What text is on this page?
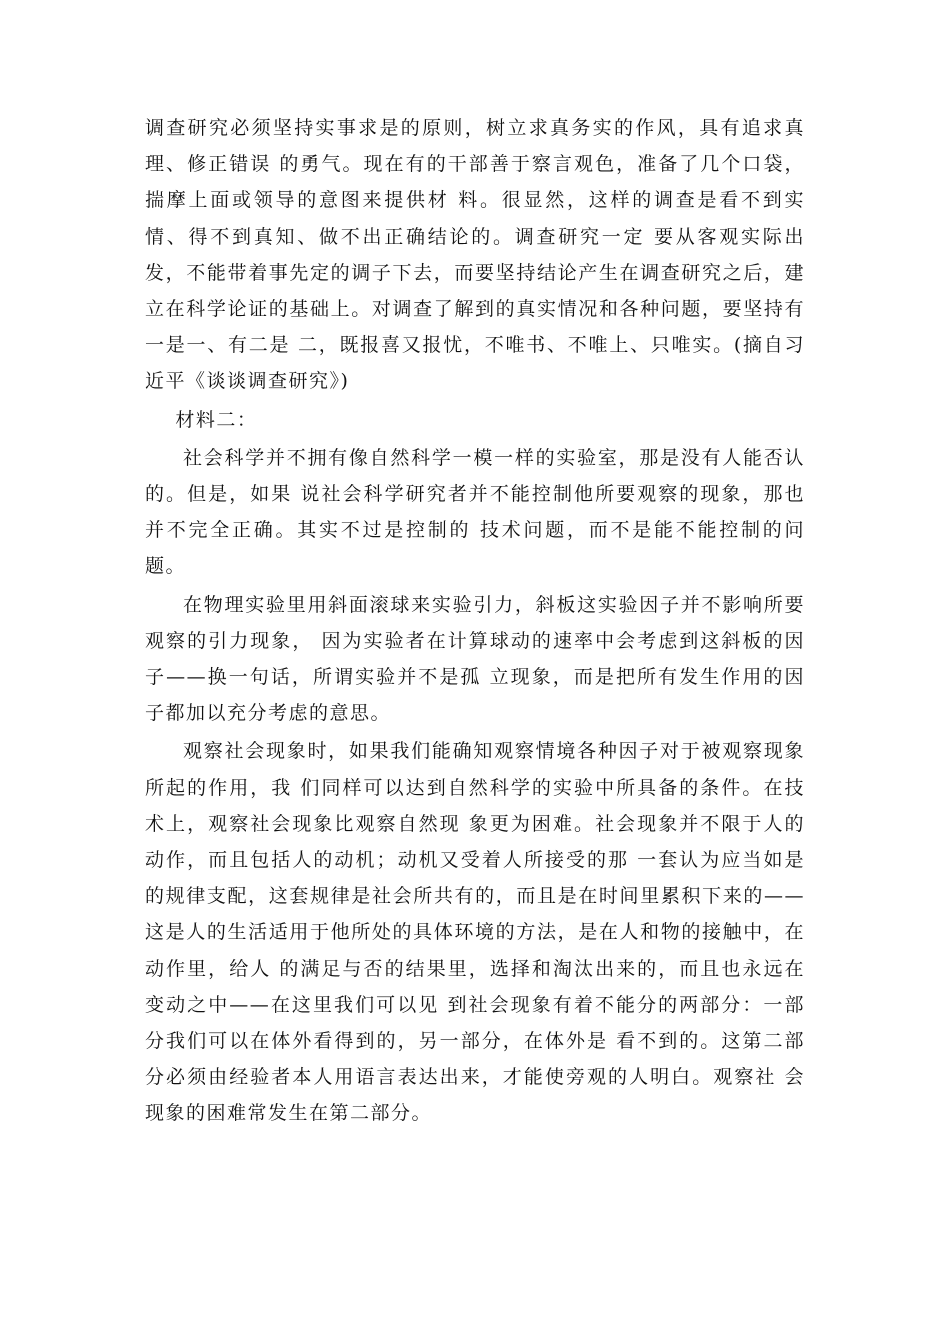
调查研究必须坚持实事求是的原则，树立求真务实的作风，具有追求真理、修正错误 的勇气。现在有的干部善于察言观色，准备了几个口袋，揣摩上面或领导的意图来提供材 料。很显然，这样的调查是看不到实情、得不到真知、做不出正确结论的。调查研究一定 要从客观实际出发，不能带着事先定的调子下去，而要坚持结论产生在调查研究之后，建 立在科学论证的基础上。对调查了解到的真实情况和各种问题，要坚持有一是一、有二是 二，既报喜又报忧，不唯书、不唯上、只唯实。(摘自习近平《谈谈调查研究》)

材料二：

社会科学并不拥有像自然科学一模一样的实验室，那是没有人能否认的。但是，如果 说社会科学研究者并不能控制他所要观察的现象，那也并不完全正确。其实不过是控制的 技术问题，而不是能不能控制的问题。

在物理实验里用斜面滚球来实验引力，斜板这实验因子并不影响所要观察的引力现象， 因为实验者在计算球动的速率中会考虑到这斜板的因子——换一句话，所谓实验并不是孤 立现象，而是把所有发生作用的因子都加以充分考虑的意思。

观察社会现象时，如果我们能确知观察情境各种因子对于被观察现象所起的作用，我 们同样可以达到自然科学的实验中所具备的条件。在技术上，观察社会现象比观察自然现 象更为困难。社会现象并不限于人的动作，而且包括人的动机；动机又受着人所接受的那 一套认为应当如是的规律支配，这套规律是社会所共有的，而且是在时间里累积下来的——这是人的生活适用于他所处的具体环境的方法，是在人和物的接触中，在动作里，给人 的满足与否的结果里，选择和淘汰出来的，而且也永远在变动之中——在这里我们可以见 到社会现象有着不能分的两部分：一部分我们可以在体外看得到的，另一部分，在体外是 看不到的。这第二部分必须由经验者本人用语言表达出来，才能使旁观的人明白。观察社 会现象的困难常发生在第二部分。
